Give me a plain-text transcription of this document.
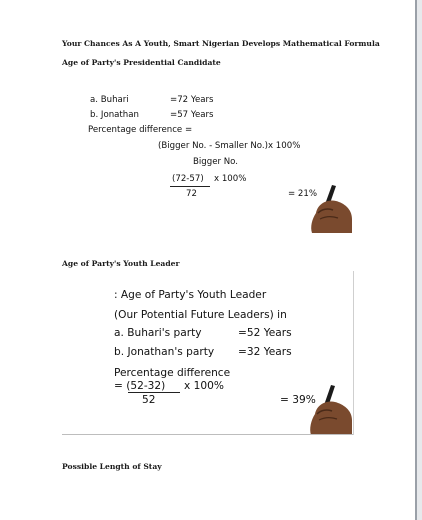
Your Chances As A Youth, Smart Nigerian Develops Mathematical Formula
Age of Party's Presidential Candidate
a. Buhari	=72 Years
b. Jonathan	=57 Years
Percentage difference =
(Bigger No. - Smaller No.)x 100%
Bigger No.
(72-57) x 100%
72	= 21%
Age of Party's Youth Leader
: Age of Party's Youth Leader
(Our Potential Future Leaders) in
a. Buhari's party	=52 Years
b. Jonathan's party =32 Years
Percentage difference
= (52-32) x 100%
52	= 39%
Possible Length of Stay
